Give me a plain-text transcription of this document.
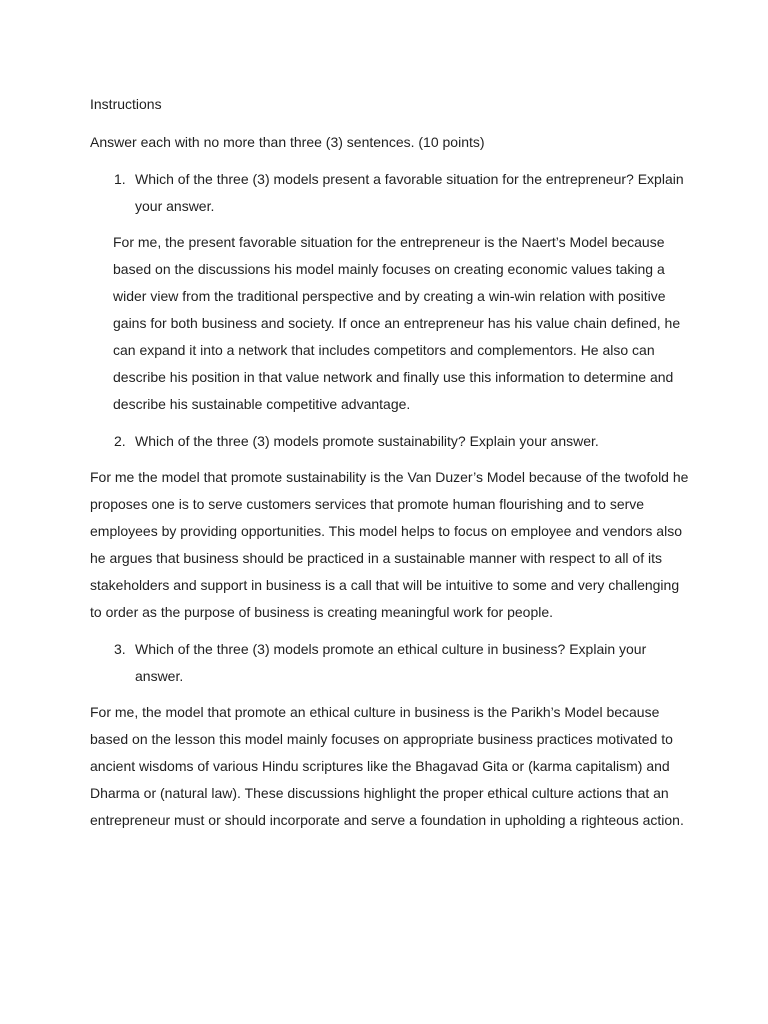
Instructions

Answer each with no more than three (3) sentences. (10 points)

1. Which of the three (3) models present a favorable situation for the entrepreneur? Explain your answer.

For me, the present favorable situation for the entrepreneur is the Naert’s Model because based on the discussions his model mainly focuses on creating economic values taking a wider view from the traditional perspective and by creating a win-win relation with positive gains for both business and society. If once an entrepreneur has his value chain defined, he can expand it into a network that includes competitors and complementors. He also can describe his position in that value network and finally use this information to determine and describe his sustainable competitive advantage.

2. Which of the three (3) models promote sustainability? Explain your answer.

For me the model that promote sustainability is the Van Duzer’s Model because of the twofold he proposes one is to serve customers services that promote human flourishing and to serve employees by providing opportunities. This model helps to focus on employee and vendors also he argues that business should be practiced in a sustainable manner with respect to all of its stakeholders and support in business is a call that will be intuitive to some and very challenging to order as the purpose of business is creating meaningful work for people.

3. Which of the three (3) models promote an ethical culture in business? Explain your answer.

For me, the model that promote an ethical culture in business is the Parikh’s Model because based on the lesson this model mainly focuses on appropriate business practices motivated to ancient wisdoms of various Hindu scriptures like the Bhagavad Gita or (karma capitalism) and Dharma or (natural law). These discussions highlight the proper ethical culture actions that an entrepreneur must or should incorporate and serve a foundation in upholding a righteous action.
